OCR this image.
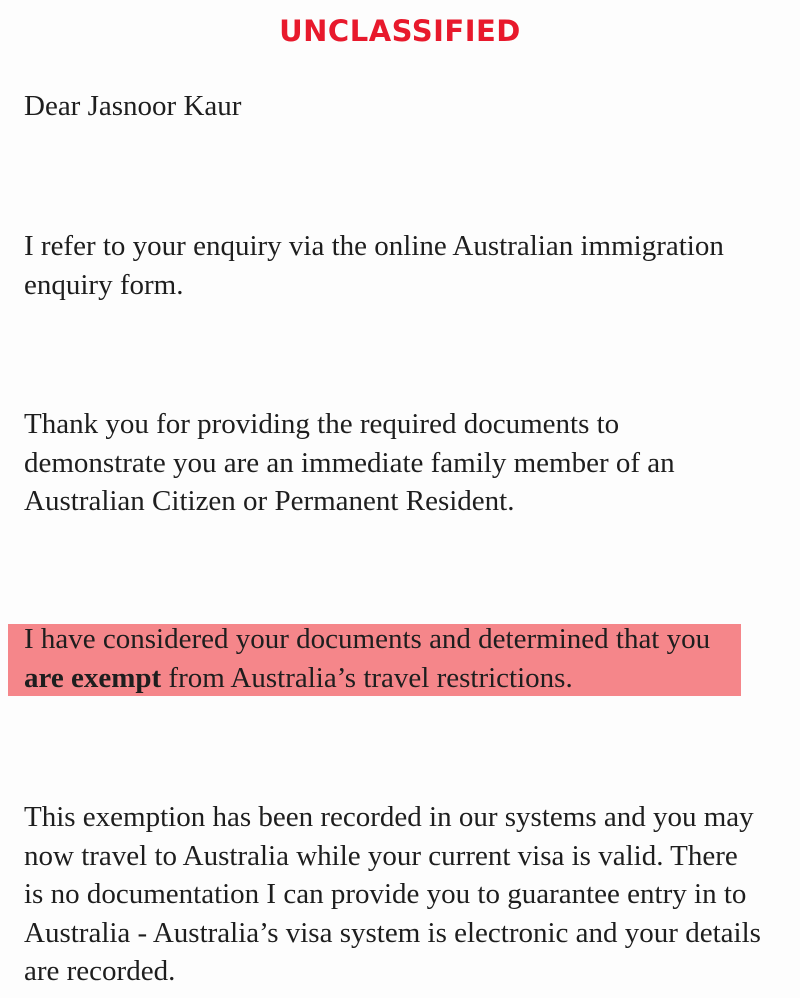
UNCLASSIFIED

Dear Jasnoor Kaur

I refer to your enquiry via the online Australian immigration enquiry form.

Thank you for providing the required documents to demonstrate you are an immediate family member of an Australian Citizen or Permanent Resident.

I have considered your documents and determined that you are exempt from Australia’s travel restrictions.

This exemption has been recorded in our systems and you may now travel to Australia while your current visa is valid. There is no documentation I can provide you to guarantee entry in to Australia - Australia’s visa system is electronic and your details are recorded.
